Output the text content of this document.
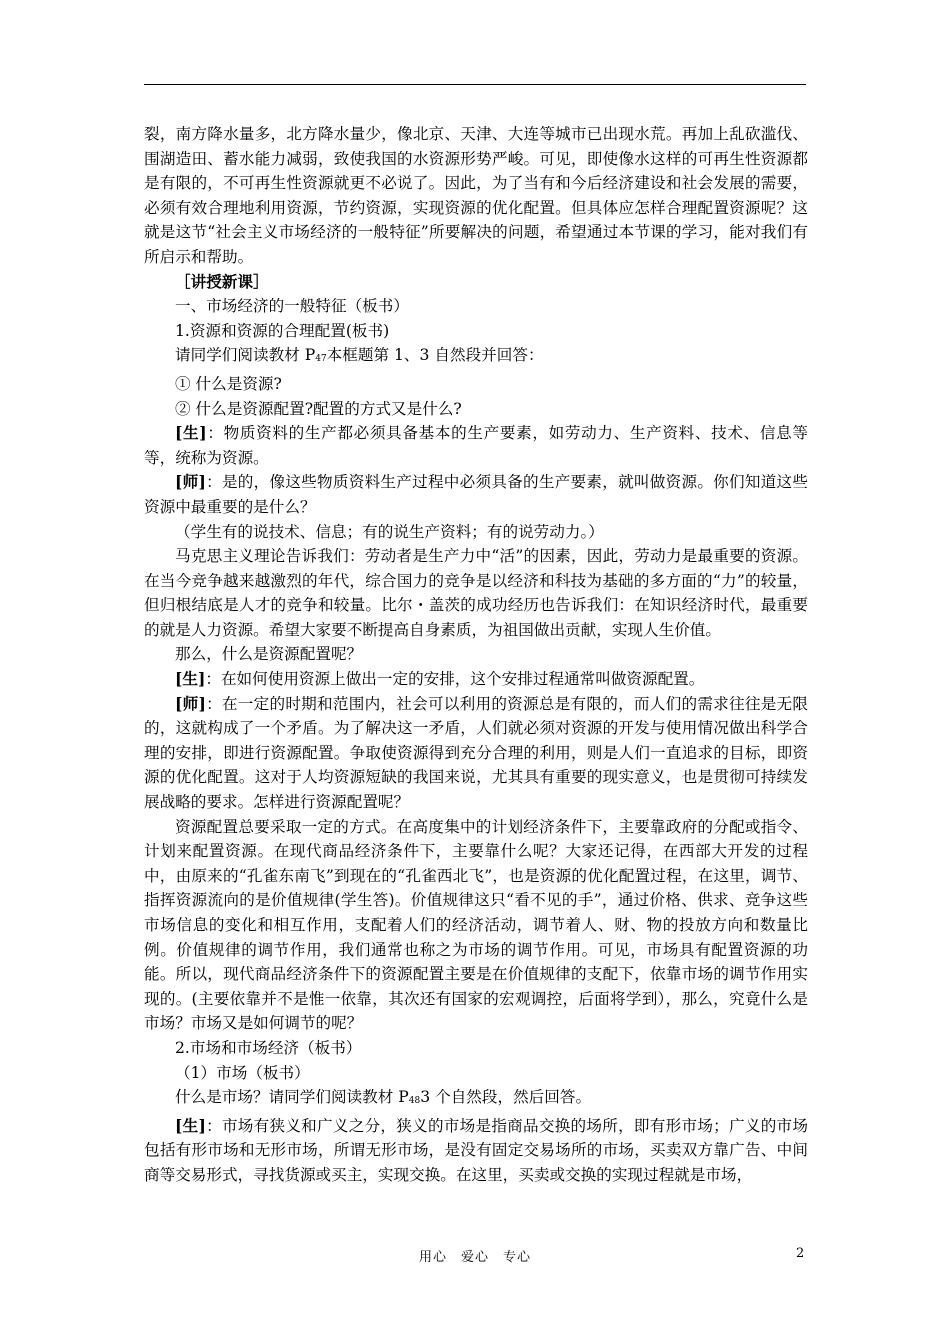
裂，南方降水量多，北方降水量少，像北京、天津、大连等城市已出现水荒。再加上乱砍滥伐、围湖造田、蓄水能力减弱，致使我国的水资源形势严峻。可见，即使像水这样的可再生性资源都是有限的，不可再生性资源就更不必说了。因此，为了当有和今后经济建设和社会发展的需要，必须有效合理地利用资源，节约资源，实现资源的优化配置。但具体应怎样合理配置资源呢？这就是这节“社会主义市场经济的一般特征”所要解决的问题，希望通过本节课的学习，能对我们有所启示和帮助。

［讲授新课］

一、市场经济的一般特征（板书）

1.资源和资源的合理配置(板书)

请同学们阅读教材 $P_{47}$本框题第 1、3 自然段并回答：

① 什么是资源?

② 什么是资源配置?配置的方式又是什么?

[生]：物质资料的生产都必须具备基本的生产要素，如劳动力、生产资料、技术、信息等等，统称为资源。

[师]：是的，像这些物质资料生产过程中必须具备的生产要素，就叫做资源。你们知道这些资源中最重要的是什么？

（学生有的说技术、信息；有的说生产资料；有的说劳动力。）

马克思主义理论告诉我们：劳动者是生产力中“活”的因素，因此，劳动力是最重要的资源。在当今竞争越来越激烈的年代，综合国力的竞争是以经济和科技为基础的多方面的“力”的较量，但归根结底是人才的竞争和较量。比尔・盖茨的成功经历也告诉我们：在知识经济时代，最重要的就是人力资源。希望大家要不断提高自身素质，为祖国做出贡献，实现人生价值。

那么，什么是资源配置呢？

[生]：在如何使用资源上做出一定的安排，这个安排过程通常叫做资源配置。

[师]：在一定的时期和范围内，社会可以利用的资源总是有限的，而人们的需求往往是无限的，这就构成了一个矛盾。为了解决这一矛盾，人们就必须对资源的开发与使用情况做出科学合理的安排，即进行资源配置。争取使资源得到充分合理的利用，则是人们一直追求的目标，即资源的优化配置。这对于人均资源短缺的我国来说，尤其具有重要的现实意义，也是贯彻可持续发展战略的要求。怎样进行资源配置呢？

资源配置总要采取一定的方式。在高度集中的计划经济条件下，主要靠政府的分配或指令、计划来配置资源。在现代商品经济条件下，主要靠什么呢？大家还记得，在西部大开发的过程中，由原来的“孔雀东南飞”到现在的“孔雀西北飞”，也是资源的优化配置过程，在这里，调节、指挥资源流向的是价值规律(学生答)。价值规律这只“看不见的手”，通过价格、供求、竞争这些市场信息的变化和相互作用，支配着人们的经济活动，调节着人、财、物的投放方向和数量比例。价值规律的调节作用，我们通常也称之为市场的调节作用。可见，市场具有配置资源的功能。所以，现代商品经济条件下的资源配置主要是在价值规律的支配下，依靠市场的调节作用实现的。(主要依靠并不是惟一依靠，其次还有国家的宏观调控，后面将学到），那么，究竟什么是市场？市场又是如何调节的呢？

2.市场和市场经济（板书）

（1）市场（板书）

什么是市场？请同学们阅读教材 $P_{48}3$ 个自然段，然后回答。

[生]：市场有狭义和广义之分，狭义的市场是指商品交换的场所，即有形市场；广义的市场包括有形市场和无形市场，所谓无形市场，是没有固定交易场所的市场，买卖双方靠广告、中间商等交易形式，寻找货源或买主，实现交换。在这里，买卖或交换的实现过程就是市场，

用心　爱心　专心	2
